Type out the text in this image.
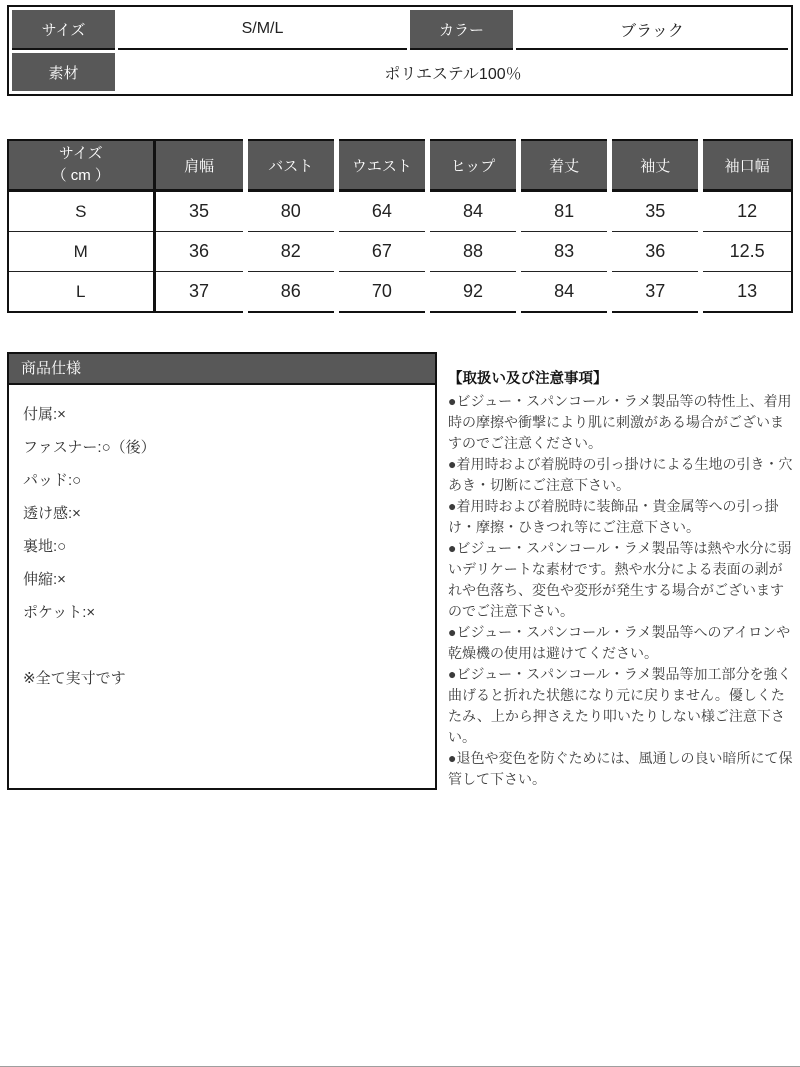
サイズ	S/M/L	カラー	ブラック
素材	ポリエステル100％		
サイズ
（ cm ）	肩幅	バスト	ウエスト	ヒップ	着丈	袖丈	袖口幅
S	35	80	64	84	81	35	12
M	36	82	67	88	83	36	12.5
L	37	86	70	92	84	37	13
商品仕様
付属:×
ファスナー:○（後）
パッド:○
透け感:×
裏地:○
伸縮:×
ポケット:×
※全て実寸です
【取扱い及び注意事項】
●ビジュー・スパンコール・ラメ製品等の特性上、着用時の摩擦や衝撃により肌に刺激がある場合がございますのでご注意ください。
●着用時および着脱時の引っ掛けによる生地の引き・穴あき・切断にご注意下さい。
●着用時および着脱時に装飾品・貴金属等への引っ掛け・摩擦・ひきつれ等にご注意下さい。
●ビジュー・スパンコール・ラメ製品等は熱や水分に弱いデリケートな素材です。熱や水分による表面の剥がれや色落ち、変色や変形が発生する場合がございますのでご注意下さい。
●ビジュー・スパンコール・ラメ製品等へのアイロンや乾燥機の使用は避けてください。
●ビジュー・スパンコール・ラメ製品等加工部分を強く曲げると折れた状態になり元に戻りません。優しくたたみ、上から押さえたり叩いたりしない様ご注意下さい。
●退色や変色を防ぐためには、風通しの良い暗所にて保管して下さい。
